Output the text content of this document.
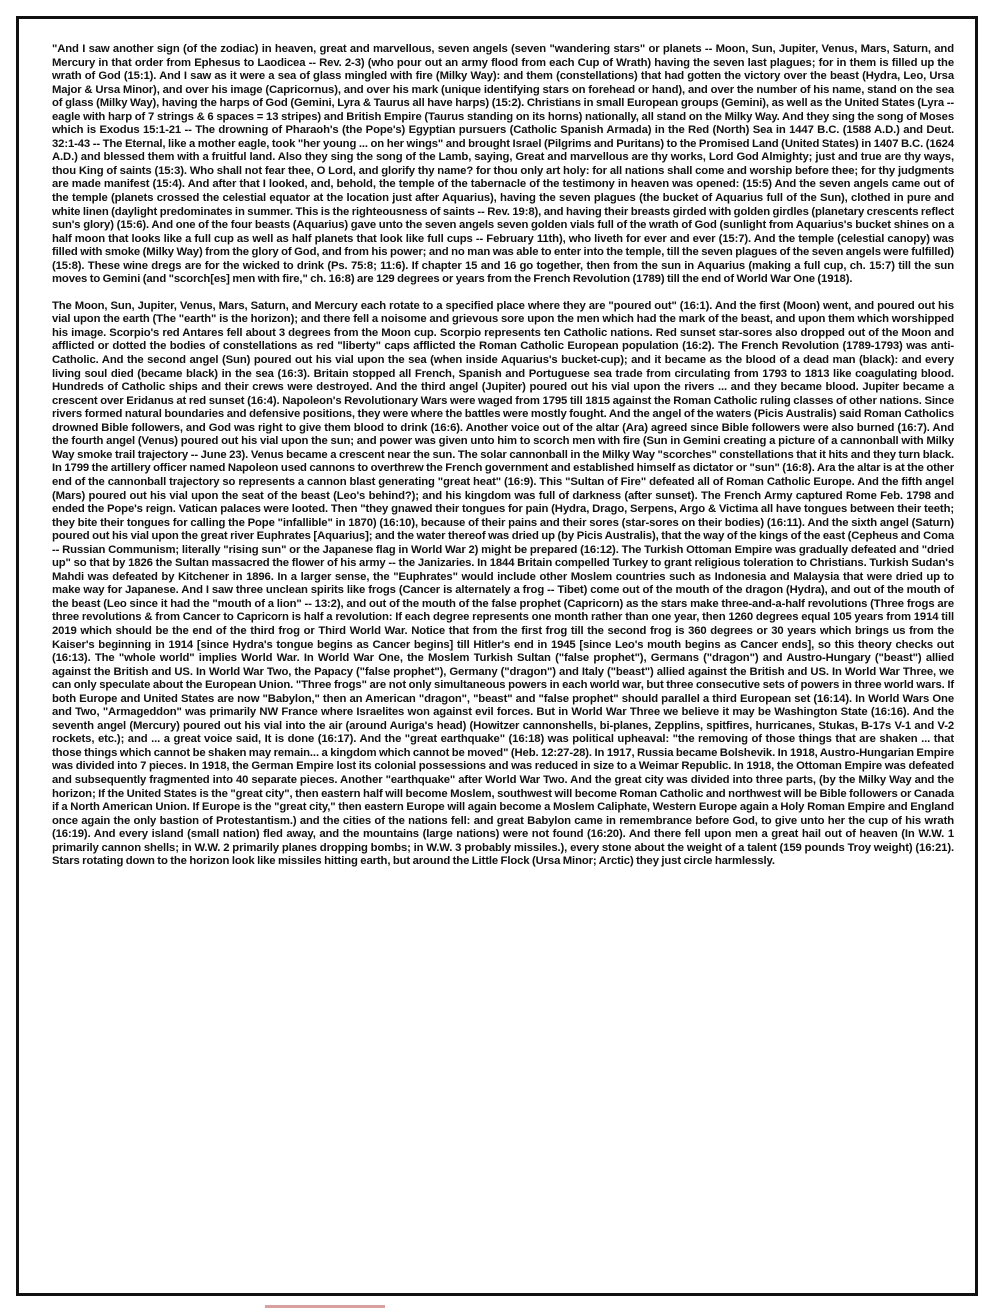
"And I saw another sign (of the zodiac) in heaven, great and marvellous, seven angels (seven "wandering stars" or planets -- Moon, Sun, Jupiter, Venus, Mars, Saturn, and Mercury in that order from Ephesus to Laodicea -- Rev. 2-3) (who pour out an army flood from each Cup of Wrath) having the seven last plagues; for in them is filled up the wrath of God (15:1). And I saw as it were a sea of glass mingled with fire (Milky Way): and them (constellations) that had gotten the victory over the beast (Hydra, Leo, Ursa Major & Ursa Minor), and over his image (Capricornus), and over his mark (unique identifying stars on forehead or hand), and over the number of his name, stand on the sea of glass (Milky Way), having the harps of God (Gemini, Lyra & Taurus all have harps) (15:2). Christians in small European groups (Gemini), as well as the United States (Lyra -- eagle with harp of 7 strings & 6 spaces = 13 stripes) and British Empire (Taurus standing on its horns) nationally, all stand on the Milky Way. And they sing the song of Moses which is Exodus 15:1-21 -- The drowning of Pharaoh's (the Pope's) Egyptian pursuers (Catholic Spanish Armada) in the Red (North) Sea in 1447 B.C. (1588 A.D.) and Deut. 32:1-43 -- The Eternal, like a mother eagle, took "her young ... on her wings" and brought Israel (Pilgrims and Puritans) to the Promised Land (United States) in 1407 B.C. (1624 A.D.) and blessed them with a fruitful land. Also they sing the song of the Lamb, saying, Great and marvellous are thy works, Lord God Almighty; just and true are thy ways, thou King of saints (15:3). Who shall not fear thee, O Lord, and glorify thy name? for thou only art holy: for all nations shall come and worship before thee; for thy judgments are made manifest (15:4). And after that I looked, and, behold, the temple of the tabernacle of the testimony in heaven was opened: (15:5) And the seven angels came out of the temple (planets crossed the celestial equator at the location just after Aquarius), having the seven plagues (the bucket of Aquarius full of the Sun), clothed in pure and white linen (daylight predominates in summer. This is the righteousness of saints -- Rev. 19:8), and having their breasts girded with golden girdles (planetary crescents reflect sun's glory) (15:6). And one of the four beasts (Aquarius) gave unto the seven angels seven golden vials full of the wrath of God (sunlight from Aquarius's bucket shines on a half moon that looks like a full cup as well as half planets that look like full cups -- February 11th), who liveth for ever and ever (15:7). And the temple (celestial canopy) was filled with smoke (Milky Way) from the glory of God, and from his power; and no man was able to enter into the temple, till the seven plagues of the seven angels were fulfilled) (15:8). These wine dregs are for the wicked to drink (Ps. 75:8; 11:6). If chapter 15 and 16 go together, then from the sun in Aquarius (making a full cup, ch. 15:7) till the sun moves to Gemini (and "scorch[es] men with fire," ch. 16:8) are 129 degrees or years from the French Revolution (1789) till the end of World War One (1918).

The Moon, Sun, Jupiter, Venus, Mars, Saturn, and Mercury each rotate to a specified place where they are "poured out" (16:1). And the first (Moon) went, and poured out his vial upon the earth (The "earth" is the horizon); and there fell a noisome and grievous sore upon the men which had the mark of the beast, and upon them which worshipped his image. Scorpio's red Antares fell about 3 degrees from the Moon cup. Scorpio represents ten Catholic nations. Red sunset star-sores also dropped out of the Moon and afflicted or dotted the bodies of constellations as red "liberty" caps afflicted the Roman Catholic European population (16:2). The French Revolution (1789-1793) was anti-Catholic. And the second angel (Sun) poured out his vial upon the sea (when inside Aquarius's bucket-cup); and it became as the blood of a dead man (black): and every living soul died (became black) in the sea (16:3). Britain stopped all French, Spanish and Portuguese sea trade from circulating from 1793 to 1813 like coagulating blood. Hundreds of Catholic ships and their crews were destroyed. And the third angel (Jupiter) poured out his vial upon the rivers ... and they became blood. Jupiter became a crescent over Eridanus at red sunset (16:4). Napoleon's Revolutionary Wars were waged from 1795 till 1815 against the Roman Catholic ruling classes of other nations. Since rivers formed natural boundaries and defensive positions, they were where the battles were mostly fought. And the angel of the waters (Picis Australis) said Roman Catholics drowned Bible followers, and God was right to give them blood to drink (16:6). Another voice out of the altar (Ara) agreed since Bible followers were also burned (16:7). And the fourth angel (Venus) poured out his vial upon the sun; and power was given unto him to scorch men with fire (Sun in Gemini creating a picture of a cannonball with Milky Way smoke trail trajectory -- June 23). Venus became a crescent near the sun. The solar cannonball in the Milky Way "scorches" constellations that it hits and they turn black. In 1799 the artillery officer named Napoleon used cannons to overthrew the French government and established himself as dictator or "sun" (16:8). Ara the altar is at the other end of the cannonball trajectory so represents a cannon blast generating "great heat" (16:9). This "Sultan of Fire" defeated all of Roman Catholic Europe. And the fifth angel (Mars) poured out his vial upon the seat of the beast (Leo's behind?); and his kingdom was full of darkness (after sunset). The French Army captured Rome Feb. 1798 and ended the Pope's reign. Vatican palaces were looted. Then "they gnawed their tongues for pain (Hydra, Drago, Serpens, Argo & Victima all have tongues between their teeth; they bite their tongues for calling the Pope "infallible" in 1870) (16:10), because of their pains and their sores (star-sores on their bodies) (16:11). And the sixth angel (Saturn) poured out his vial upon the great river Euphrates [Aquarius]; and the water thereof was dried up (by Picis Australis), that the way of the kings of the east (Cepheus and Coma -- Russian Communism; literally "rising sun" or the Japanese flag in World War 2) might be prepared (16:12). The Turkish Ottoman Empire was gradually defeated and "dried up" so that by 1826 the Sultan massacred the flower of his army -- the Janizaries. In 1844 Britain compelled Turkey to grant religious toleration to Christians. Turkish Sudan's Mahdi was defeated by Kitchener in 1896. In a larger sense, the "Euphrates" would include other Moslem countries such as Indonesia and Malaysia that were dried up to make way for Japanese. And I saw three unclean spirits like frogs (Cancer is alternately a frog -- Tibet) come out of the mouth of the dragon (Hydra), and out of the mouth of the beast (Leo since it had the "mouth of a lion" -- 13:2), and out of the mouth of the false prophet (Capricorn) as the stars make three-and-a-half revolutions (Three frogs are three revolutions & from Cancer to Capricorn is half a revolution: If each degree represents one month rather than one year, then 1260 degrees equal 105 years from 1914 till 2019 which should be the end of the third frog or Third World War. Notice that from the first frog till the second frog is 360 degrees or 30 years which brings us from the Kaiser's beginning in 1914 [since Hydra's tongue begins as Cancer begins] till Hitler's end in 1945 [since Leo's mouth begins as Cancer ends], so this theory checks out (16:13). The "whole world" implies World War. In World War One, the Moslem Turkish Sultan ("false prophet"), Germans ("dragon") and Austro-Hungary ("beast") allied against the British and US. In World War Two, the Papacy ("false prophet"), Germany ("dragon") and Italy ("beast") allied against the British and US. In World War Three, we can only speculate about the European Union. "Three frogs" are not only simultaneous powers in each world war, but three consecutive sets of powers in three world wars. If both Europe and United States are now "Babylon," then an American "dragon", "beast" and "false prophet" should parallel a third European set (16:14). In World Wars One and Two, "Armageddon" was primarily NW France where Israelites won against evil forces. But in World War Three we believe it may be Washington State (16:16). And the seventh angel (Mercury) poured out his vial into the air (around Auriga's head) (Howitzer cannonshells, bi-planes, Zepplins, spitfires, hurricanes, Stukas, B-17s V-1 and V-2 rockets, etc.); and ... a great voice said, It is done (16:17). And the "great earthquake" (16:18) was political upheaval: "the removing of those things that are shaken ... that those things which cannot be shaken may remain... a kingdom which cannot be moved" (Heb. 12:27-28). In 1917, Russia became Bolshevik. In 1918, Austro-Hungarian Empire was divided into 7 pieces. In 1918, the German Empire lost its colonial possessions and was reduced in size to a Weimar Republic. In 1918, the Ottoman Empire was defeated and subsequently fragmented into 40 separate pieces. Another "earthquake" after World War Two. And the great city was divided into three parts, (by the Milky Way and the horizon; If the United States is the "great city", then eastern half will become Moslem, southwest will become Roman Catholic and northwest will be Bible followers or Canada if a North American Union. If Europe is the "great city," then eastern Europe will again become a Moslem Caliphate, Western Europe again a Holy Roman Empire and England once again the only bastion of Protestantism.) and the cities of the nations fell: and great Babylon came in remembrance before God, to give unto her the cup of his wrath (16:19). And every island (small nation) fled away, and the mountains (large nations) were not found (16:20). And there fell upon men a great hail out of heaven (In W.W. 1 primarily cannon shells; in W.W. 2 primarily planes dropping bombs; in W.W. 3 probably missiles.), every stone about the weight of a talent (159 pounds Troy weight) (16:21). Stars rotating down to the horizon look like missiles hitting earth, but around the Little Flock (Ursa Minor; Arctic) they just circle harmlessly.
